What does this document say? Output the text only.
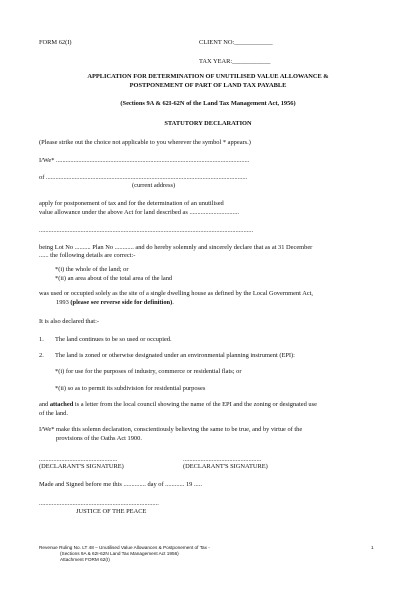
FORM 62(I)	CLIENT NO:____________
TAX YEAR:____________
APPLICATION FOR DETERMINATION OF UNUTILISED VALUE ALLOWANCE &
POSTPONEMENT OF PART OF LAND TAX PAYABLE
(Sections 9A & 62I-62N of the Land Tax Management Act, 1956)
STATUTORY DECLARATION
(Please strike out the choice not applicable to you wherever the symbol * appears.)
I/We* .........................................................................................................................
of ..............................................................................................................................
(current address)
apply for postponement of tax and for the determination of an unutilised
value allowance under the above Act for land described as ...............................
......................................................................................................................................
being Lot No .......... Plan No ............ and do hereby solemnly and sincerely declare that as at 31 December
...... the following details are correct:-
*(i) the whole of the land; or
*(ii) an area about of the total area of the land
was used or occupied solely as the site of a single dwelling house as defined by the Local Government Act,
1993 (please see reverse side for definition).
It is also declared that:-
1. The land continues to be so used or occupied.
2. The land is zoned or otherwise designated under an environmental planning instrument (EPI):
*(i) for use for the purposes of industry, commerce or residential flats; or
*(ii) so as to permit its subdivision for residential purposes
and attached is a letter from the local council showing the name of the EPI and the zoning or designated use
of the land.
I/We* make this solemn declaration, conscientiously believing the same to be true, and by virtue of the
provisions of the Oaths Act 1900.
.................................................	.................................................
(DECLARANT'S SIGNATURE)	(DECLARANT'S SIGNATURE)
Made and Signed before me this .............. day of ............ 19 .....
...........................................................................
JUSTICE OF THE PEACE
Revenue Ruling No. LT 48 – Unutilised Value Allowances & Postponement of Tax -
(Sections 9A & 62I-62N Land Tax Management Act 1956)
Attachment FORM 62(I)
1
